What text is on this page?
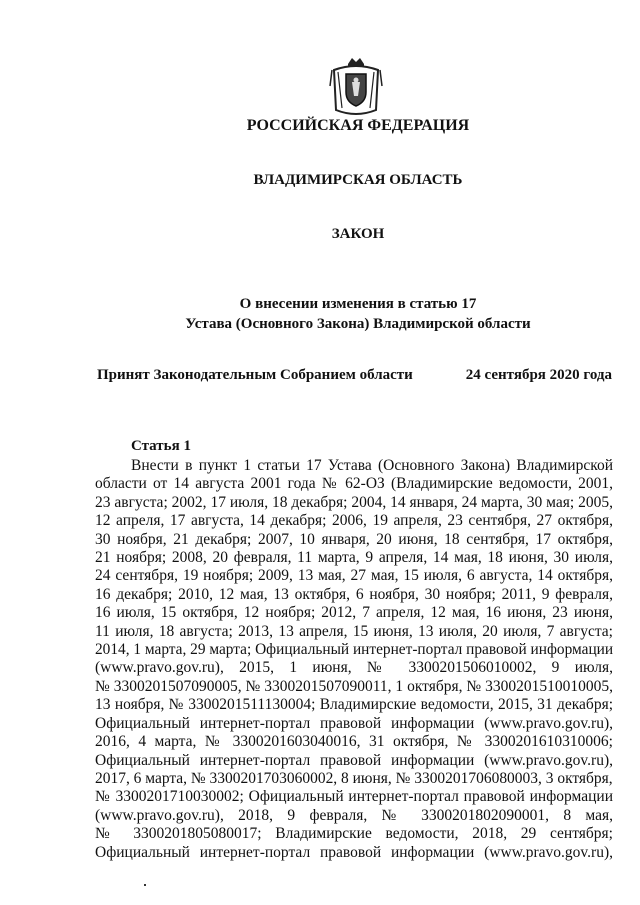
РОССИЙСКАЯ ФЕДЕРАЦИЯ
ВЛАДИМИРСКАЯ ОБЛАСТЬ
ЗАКОН
О внесении изменения в статью 17
Устава (Основного Закона) Владимирской области
Принят Законодательным Собранием области	24 сентября 2020 года
Статья 1
Внести в пункт 1 статьи 17 Устава (Основного Закона) Владимирской
области от 14 августа 2001 года № 62-ОЗ (Владимирские ведомости, 2001,
23 августа; 2002, 17 июля, 18 декабря; 2004, 14 января, 24 марта, 30 мая; 2005,
12 апреля, 17 августа, 14 декабря; 2006, 19 апреля, 23 сентября, 27 октября,
30 ноября, 21 декабря; 2007, 10 января, 20 июня, 18 сентября, 17 октября,
21 ноября; 2008, 20 февраля, 11 марта, 9 апреля, 14 мая, 18 июня, 30 июля,
24 сентября, 19 ноября; 2009, 13 мая, 27 мая, 15 июля, 6 августа, 14 октября,
16 декабря; 2010, 12 мая, 13 октября, 6 ноября, 30 ноября; 2011, 9 февраля,
16 июля, 15 октября, 12 ноября; 2012, 7 апреля, 12 мая, 16 июня, 23 июня,
11 июля, 18 августа; 2013, 13 апреля, 15 июня, 13 июля, 20 июля, 7 августа;
2014, 1 марта, 29 марта; Официальный интернет-портал правовой информации
(www.pravo.gov.ru), 2015, 1 июня, № 3300201506010002, 9 июля,
№ 3300201507090005, № 3300201507090011, 1 октября, № 3300201510010005,
13 ноября, № 3300201511130004; Владимирские ведомости, 2015, 31 декабря;
Официальный интернет-портал правовой информации (www.pravo.gov.ru),
2016, 4 марта, № 3300201603040016, 31 октября, № 3300201610310006;
Официальный интернет-портал правовой информации (www.pravo.gov.ru),
2017, 6 марта, № 3300201703060002, 8 июня, № 3300201706080003, 3 октября,
№ 3300201710030002; Официальный интернет-портал правовой информации
(www.pravo.gov.ru), 2018, 9 февраля, № 3300201802090001, 8 мая,
№ 3300201805080017; Владимирские ведомости, 2018, 29 сентября;
Официальный интернет-портал правовой информации (www.pravo.gov.ru),
